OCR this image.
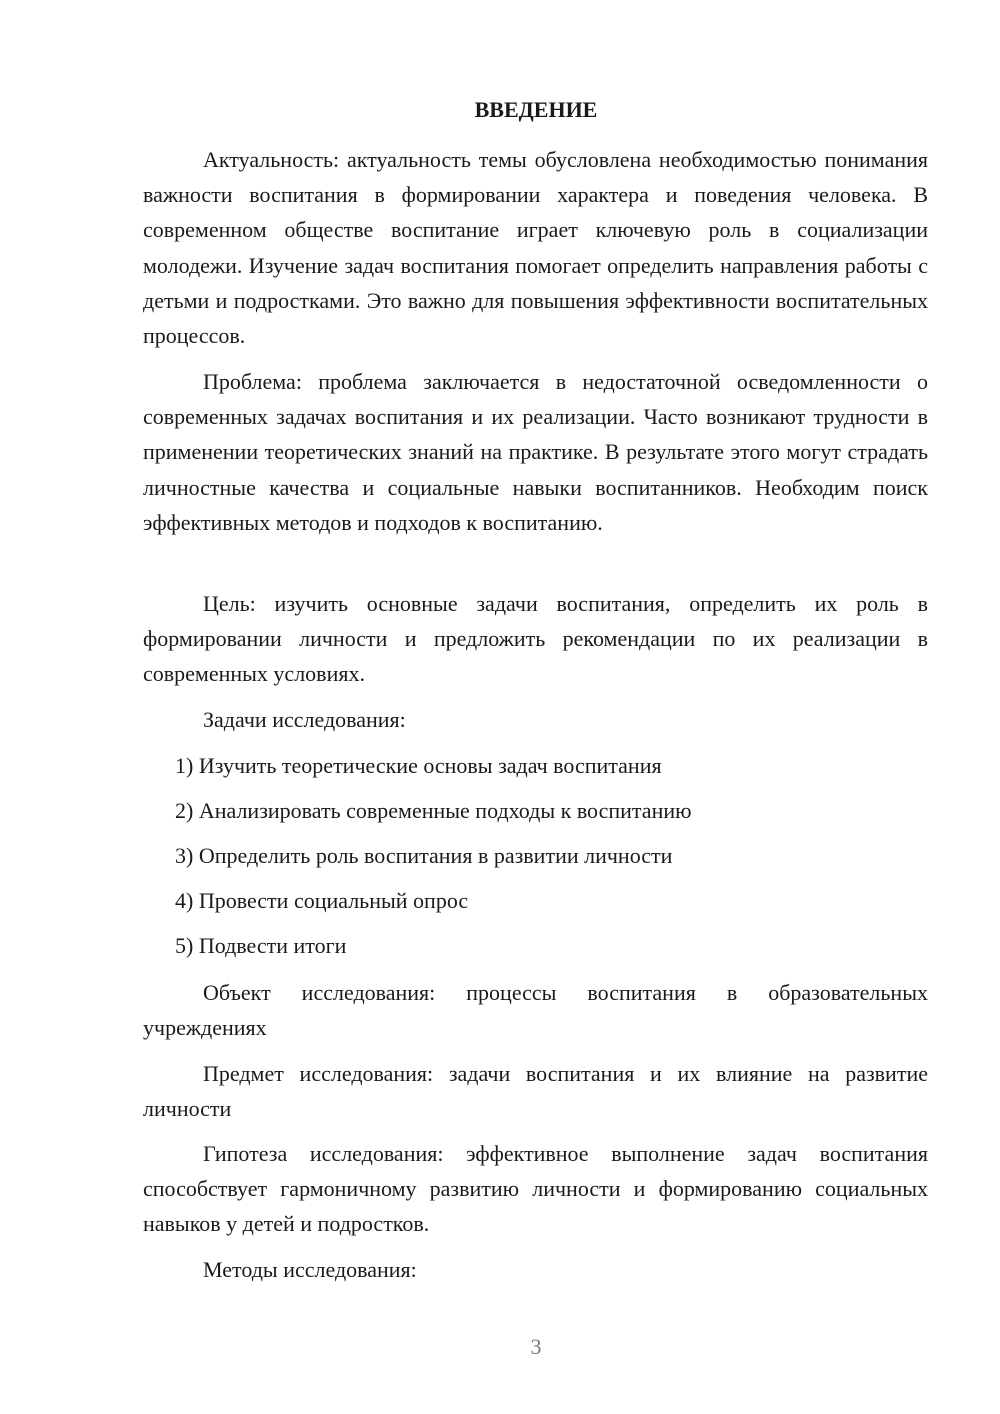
ВВЕДЕНИЕ

Актуальность: актуальность темы обусловлена необходимостью понимания важности воспитания в формировании характера и поведения человека. В современном обществе воспитание играет ключевую роль в социализации молодежи. Изучение задач воспитания помогает определить направления работы с детьми и подростками. Это важно для повышения эффективности воспитательных процессов.

Проблема: проблема заключается в недостаточной осведомленности о современных задачах воспитания и их реализации. Часто возникают трудности в применении теоретических знаний на практике. В результате этого могут страдать личностные качества и социальные навыки воспитанников. Необходим поиск эффективных методов и подходов к воспитанию.

Цель: изучить основные задачи воспитания, определить их роль в формировании личности и предложить рекомендации по их реализации в современных условиях.

Задачи исследования:

1) Изучить теоретические основы задач воспитания

2) Анализировать современные подходы к воспитанию

3) Определить роль воспитания в развитии личности

4) Провести социальный опрос

5) Подвести итоги

Объект исследования: процессы воспитания в образовательных учреждениях

Предмет исследования: задачи воспитания и их влияние на развитие личности

Гипотеза исследования: эффективное выполнение задач воспитания способствует гармоничному развитию личности и формированию социальных навыков у детей и подростков.

Методы исследования:

3
